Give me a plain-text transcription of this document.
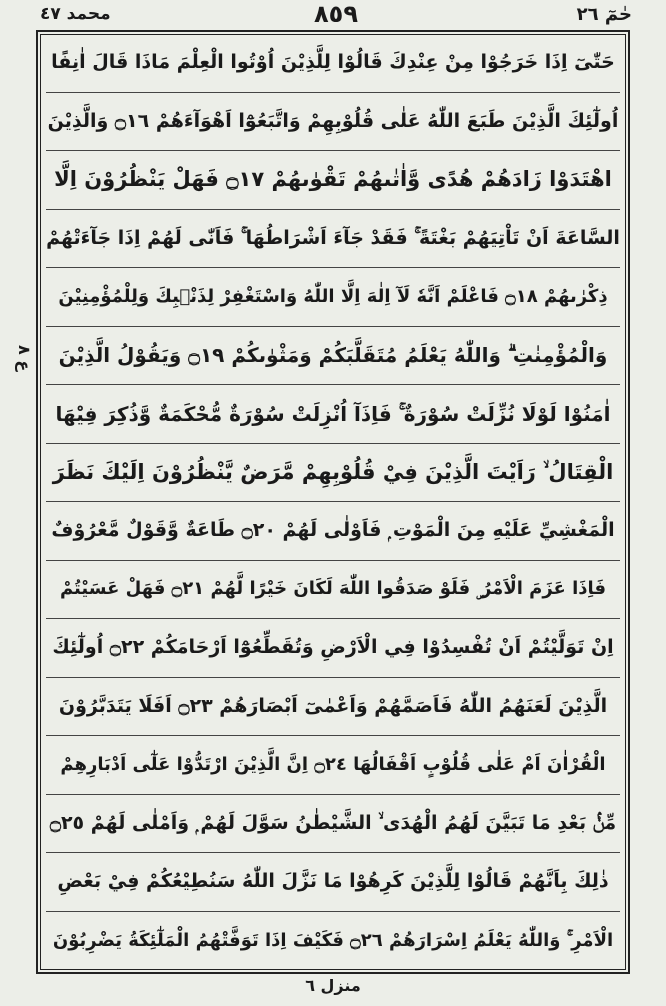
حٰمٓ ٢٦
٨٥٩
محمد ٤٧
ع ٨
حَتّٰىٓ اِذَا خَرَجُوْا مِنْ عِنْدِكَ قَالُوْا لِلَّذِيْنَ اُوْتُوا الْعِلْمَ مَاذَا قَالَ اٰنِفًا
اُولٰٓئِكَ الَّذِيْنَ طَبَعَ اللّٰهُ عَلٰى قُلُوْبِهِمْ وَاتَّبَعُوْٓا اَهْوَآءَهُمْ ۝١٦ وَالَّذِيْنَ
اهْتَدَوْا زَادَهُمْ هُدًى وَّاٰتٰىهُمْ تَقْوٰىهُمْ ۝١٧ فَهَلْ يَنْظُرُوْنَ اِلَّا
السَّاعَةَ اَنْ تَاْتِيَهُمْ بَغْتَةً ۚ فَقَدْ جَآءَ اَشْرَاطُهَا ۚ فَاَنّٰى لَهُمْ اِذَا جَآءَتْهُمْ
ذِكْرٰىهُمْ ۝١٨ فَاعْلَمْ اَنَّهٗ لَآ اِلٰهَ اِلَّا اللّٰهُ وَاسْتَغْفِرْ لِذَنْۢبِكَ وَلِلْمُؤْمِنِيْنَ
وَالْمُؤْمِنٰتِ ۗ وَاللّٰهُ يَعْلَمُ مُتَقَلَّبَكُمْ وَمَثْوٰىكُمْ ۝١٩ وَيَقُوْلُ الَّذِيْنَ
اٰمَنُوْا لَوْلَا نُزِّلَتْ سُوْرَةٌ ۚ فَاِذَآ اُنْزِلَتْ سُوْرَةٌ مُّحْكَمَةٌ وَّذُكِرَ فِيْهَا
الْقِتَالُ ۙ رَاَيْتَ الَّذِيْنَ فِيْ قُلُوْبِهِمْ مَّرَضٌ يَّنْظُرُوْنَ اِلَيْكَ نَظَرَ
الْمَغْشِيِّ عَلَيْهِ مِنَ الْمَوْتِ ۭ فَاَوْلٰى لَهُمْ ۝٢٠ طَاعَةٌ وَّقَوْلٌ مَّعْرُوْفٌ
فَاِذَا عَزَمَ الْاَمْرُ ۣ فَلَوْ صَدَقُوا اللّٰهَ لَكَانَ خَيْرًا لَّهُمْ ۝٢١ فَهَلْ عَسَيْتُمْ
اِنْ تَوَلَّيْتُمْ اَنْ تُفْسِدُوْا فِي الْاَرْضِ وَتُقَطِّعُوْٓا اَرْحَامَكُمْ ۝٢٢ اُولٰٓئِكَ
الَّذِيْنَ لَعَنَهُمُ اللّٰهُ فَاَصَمَّهُمْ وَاَعْمٰىٓ اَبْصَارَهُمْ ۝٢٣ اَفَلَا يَتَدَبَّرُوْنَ
الْقُرْاٰنَ اَمْ عَلٰى قُلُوْبٍ اَقْفَالُهَا ۝٢٤ اِنَّ الَّذِيْنَ ارْتَدُّوْا عَلٰٓى اَدْبَارِهِمْ
مِّنْۢ بَعْدِ مَا تَبَيَّنَ لَهُمُ الْهُدَى ۙ الشَّيْطٰنُ سَوَّلَ لَهُمْ ۭ وَاَمْلٰى لَهُمْ ۝٢٥
ذٰلِكَ بِاَنَّهُمْ قَالُوْا لِلَّذِيْنَ كَرِهُوْا مَا نَزَّلَ اللّٰهُ سَنُطِيْعُكُمْ فِيْ بَعْضِ
الْاَمْرِ ۚ وَاللّٰهُ يَعْلَمُ اِسْرَارَهُمْ ۝٢٦ فَكَيْفَ اِذَا تَوَفَّتْهُمُ الْمَلٰٓئِكَةُ يَضْرِبُوْنَ
منزل ٦
